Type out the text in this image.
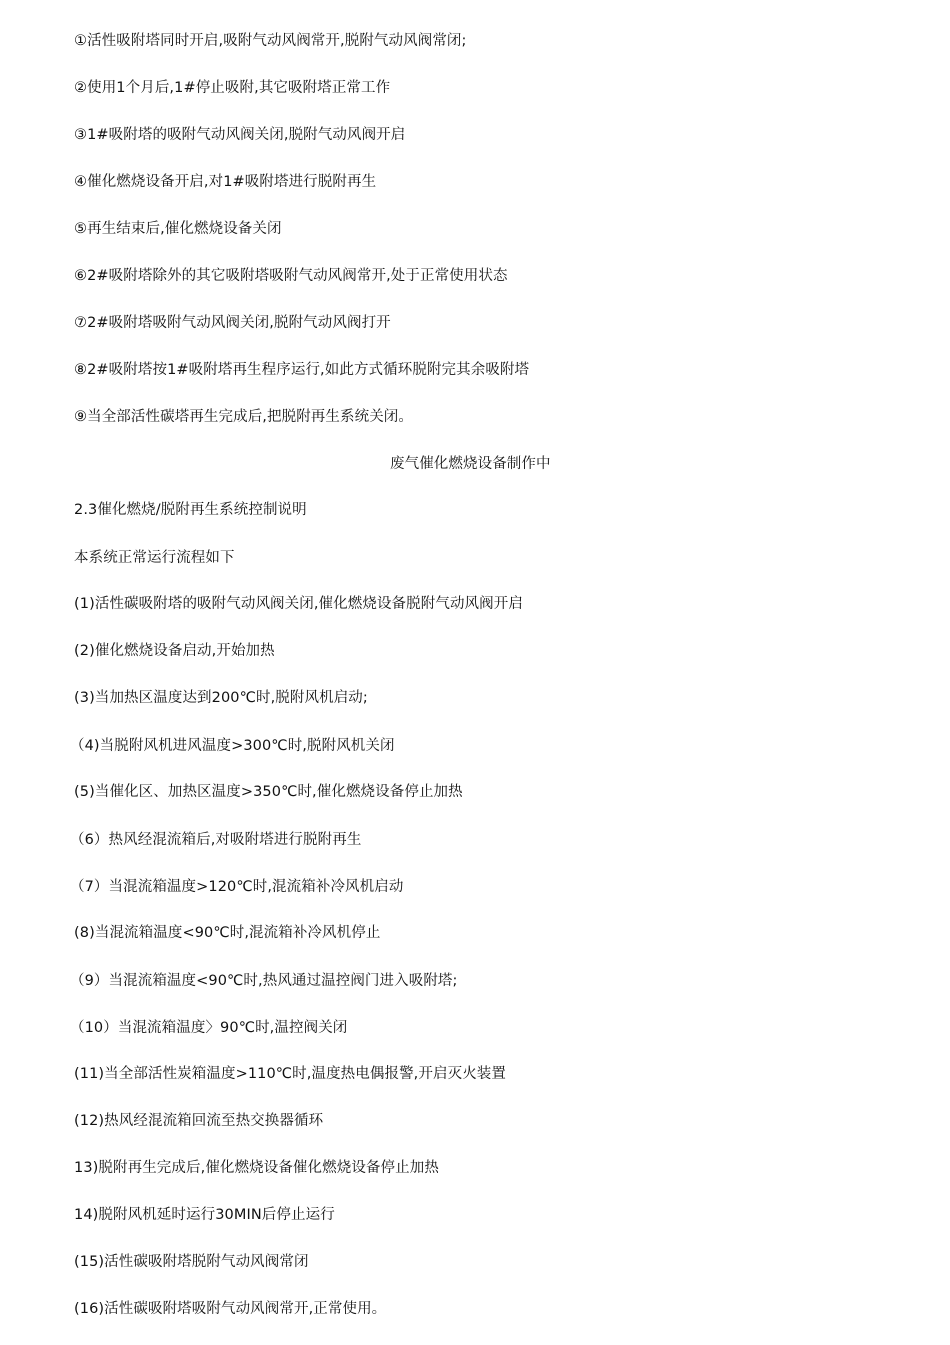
①活性吸附塔同时开启,吸附气动风阀常开,脱附气动风阀常闭;

②使用1个月后,1#停止吸附,其它吸附塔正常工作

③1#吸附塔的吸附气动风阀关闭,脱附气动风阀开启

④催化燃烧设备开启,对1#吸附塔进行脱附再生

⑤再生结束后,催化燃烧设备关闭

⑥2#吸附塔除外的其它吸附塔吸附气动风阀常开,处于正常使用状态

⑦2#吸附塔吸附气动风阀关闭,脱附气动风阀打开

⑧2#吸附塔按1#吸附塔再生程序运行,如此方式循环脱附完其余吸附塔

⑨当全部活性碳塔再生完成后,把脱附再生系统关闭。

废气催化燃烧设备制作中

2.3催化燃烧/脱附再生系统控制说明

本系统正常运行流程如下

(1)活性碳吸附塔的吸附气动风阀关闭,催化燃烧设备脱附气动风阀开启

(2)催化燃烧设备启动,开始加热

(3)当加热区温度达到200℃时,脱附风机启动;

（4)当脱附风机进风温度>300℃时,脱附风机关闭

(5)当催化区、加热区温度>350℃时,催化燃烧设备停止加热

（6）热风经混流箱后,对吸附塔进行脱附再生

（7）当混流箱温度>120℃时,混流箱补冷风机启动

(8)当混流箱温度<90℃时,混流箱补冷风机停止

（9）当混流箱温度<90℃时,热风通过温控阀门进入吸附塔;

（10）当混流箱温度〉90℃时,温控阀关闭

(11)当全部活性炭箱温度>110℃时,温度热电偶报警,开启灭火装置

(12)热风经混流箱回流至热交换器循环

13)脱附再生完成后,催化燃烧设备催化燃烧设备停止加热

14)脱附风机延时运行30MIN后停止运行

(15)活性碳吸附塔脱附气动风阀常闭

(16)活性碳吸附塔吸附气动风阀常开,正常使用。
